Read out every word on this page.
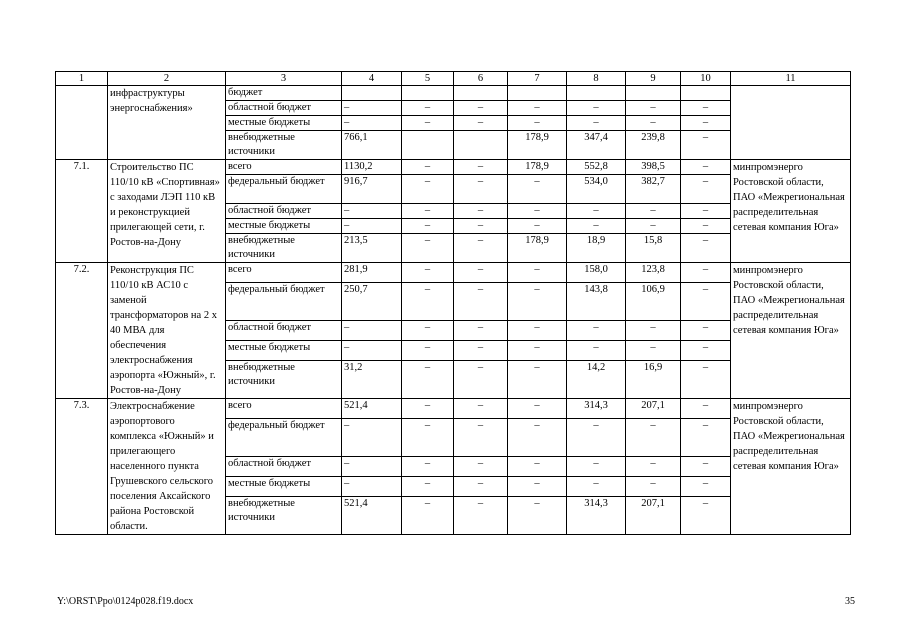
1	2	3	4	5	6	7	8	9	10	11
	инфраструктуры энергоснабжения»	бюджет								
		областной бюджет	–	–	–	–	–	–	–	
		местные бюджеты	–	–	–	–	–	–	–	
		внебюджетные источники	766,1			178,9	347,4	239,8	–	
7.1.	Строительство ПС 110/10 кВ «Спортивная» с заходами ЛЭП 110 кВ и реконструкцией прилегающей сети, г. Ростов-на-Дону	всего	1130,2	–	–	178,9	552,8	398,5	–	минпромэнерго Ростовской области, ПАО «Межрегиональная распределительная сетевая компания Юга»
		федеральный бюджет	916,7	–	–	–	534,0	382,7	–	
		областной бюджет	–	–	–	–	–	–	–	
		местные бюджеты	–	–	–	–	–	–	–	
		внебюджетные источники	213,5	–	–	178,9	18,9	15,8	–	
7.2.	Реконструкция ПС 110/10 кВ АС10 с заменой трансформаторов на 2 х 40 МВА для обеспечения электроснабжения аэропорта «Южный», г. Ростов-на-Дону	всего	281,9	–	–	–	158,0	123,8	–	минпромэнерго Ростовской области, ПАО «Межрегиональная распределительная сетевая компания Юга»
		федеральный бюджет	250,7	–	–	–	143,8	106,9	–	
		областной бюджет	–	–	–	–	–	–	–	
		местные бюджеты	–	–	–	–	–	–	–	
		внебюджетные источники	31,2	–	–	–	14,2	16,9	–	
7.3.	Электроснабжение аэропортового комплекса «Южный» и прилегающего населенного пункта Грушевского сельского поселения Аксайского района Ростовской области.	всего	521,4	–	–	–	314,3	207,1	–	минпромэнерго Ростовской области, ПАО «Межрегиональная распределительная сетевая компания Юга»
		федеральный бюджет	–	–	–	–	–	–	–	
		областной бюджет	–	–	–	–	–	–	–	
		местные бюджеты	–	–	–	–	–	–	–	
		внебюджетные источники	521,4	–	–	–	314,3	207,1	–	
Y:\ORST\Ppo\0124p028.f19.docx	35
